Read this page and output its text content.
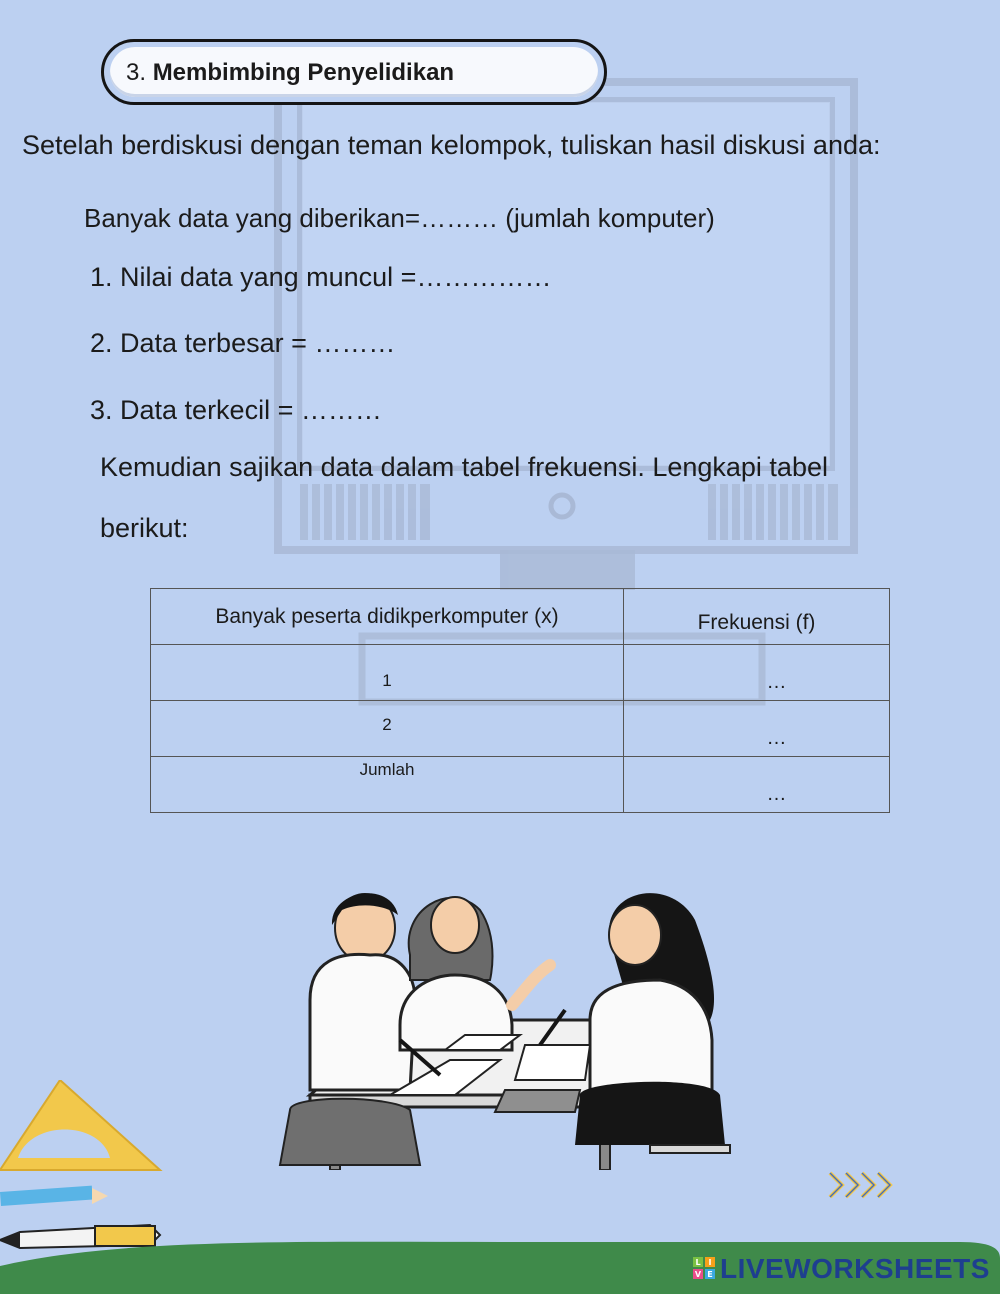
3. Membimbing Penyelidikan
Setelah berdiskusi dengan teman kelompok, tuliskan hasil diskusi anda:
Banyak data yang diberikan=……… (jumlah komputer)
1. Nilai data yang muncul =……………
2. Data terbesar = ………
3. Data terkecil = ………
Kemudian sajikan data dalam tabel frekuensi. Lengkapi tabel
berikut:
Banyak peserta didikperkomputer (x)	Frekuensi (f)

1	…

2	…

Jumlah	…
L I
V E LIVEWORKSHEETS
